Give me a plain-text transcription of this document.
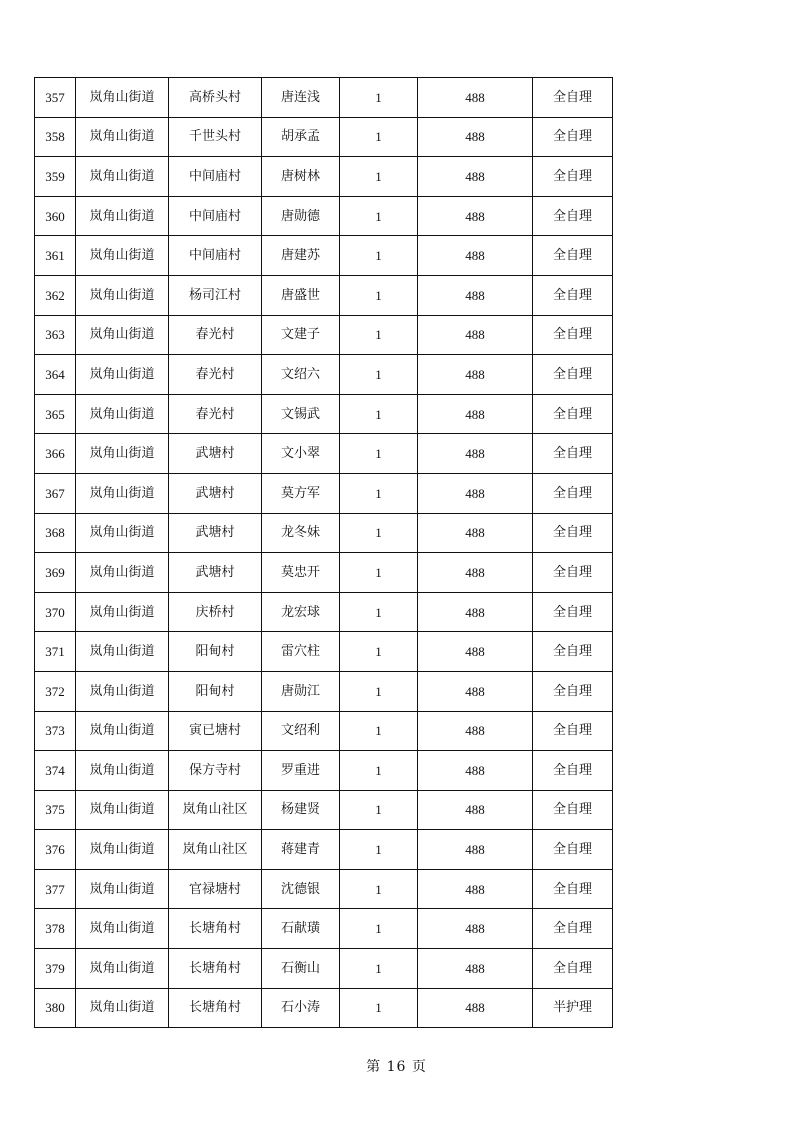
357	岚角山街道	高桥头村	唐连浅	1	488	全自理
358	岚角山街道	千世头村	胡承孟	1	488	全自理
359	岚角山街道	中间庙村	唐树林	1	488	全自理
360	岚角山街道	中间庙村	唐勋德	1	488	全自理
361	岚角山街道	中间庙村	唐建苏	1	488	全自理
362	岚角山街道	杨司江村	唐盛世	1	488	全自理
363	岚角山街道	春光村	文建子	1	488	全自理
364	岚角山街道	春光村	文绍六	1	488	全自理
365	岚角山街道	春光村	文锡武	1	488	全自理
366	岚角山街道	武塘村	文小翠	1	488	全自理
367	岚角山街道	武塘村	莫方军	1	488	全自理
368	岚角山街道	武塘村	龙冬妹	1	488	全自理
369	岚角山街道	武塘村	莫忠开	1	488	全自理
370	岚角山街道	庆桥村	龙宏球	1	488	全自理
371	岚角山街道	阳甸村	雷穴柱	1	488	全自理
372	岚角山街道	阳甸村	唐勋江	1	488	全自理
373	岚角山街道	寅已塘村	文绍利	1	488	全自理
374	岚角山街道	保方寺村	罗重进	1	488	全自理
375	岚角山街道	岚角山社区	杨建贤	1	488	全自理
376	岚角山街道	岚角山社区	蒋建青	1	488	全自理
377	岚角山街道	官禄塘村	沈德银	1	488	全自理
378	岚角山街道	长塘角村	石献璜	1	488	全自理
379	岚角山街道	长塘角村	石衡山	1	488	全自理
380	岚角山街道	长塘角村	石小涛	1	488	半护理
第 16 页
